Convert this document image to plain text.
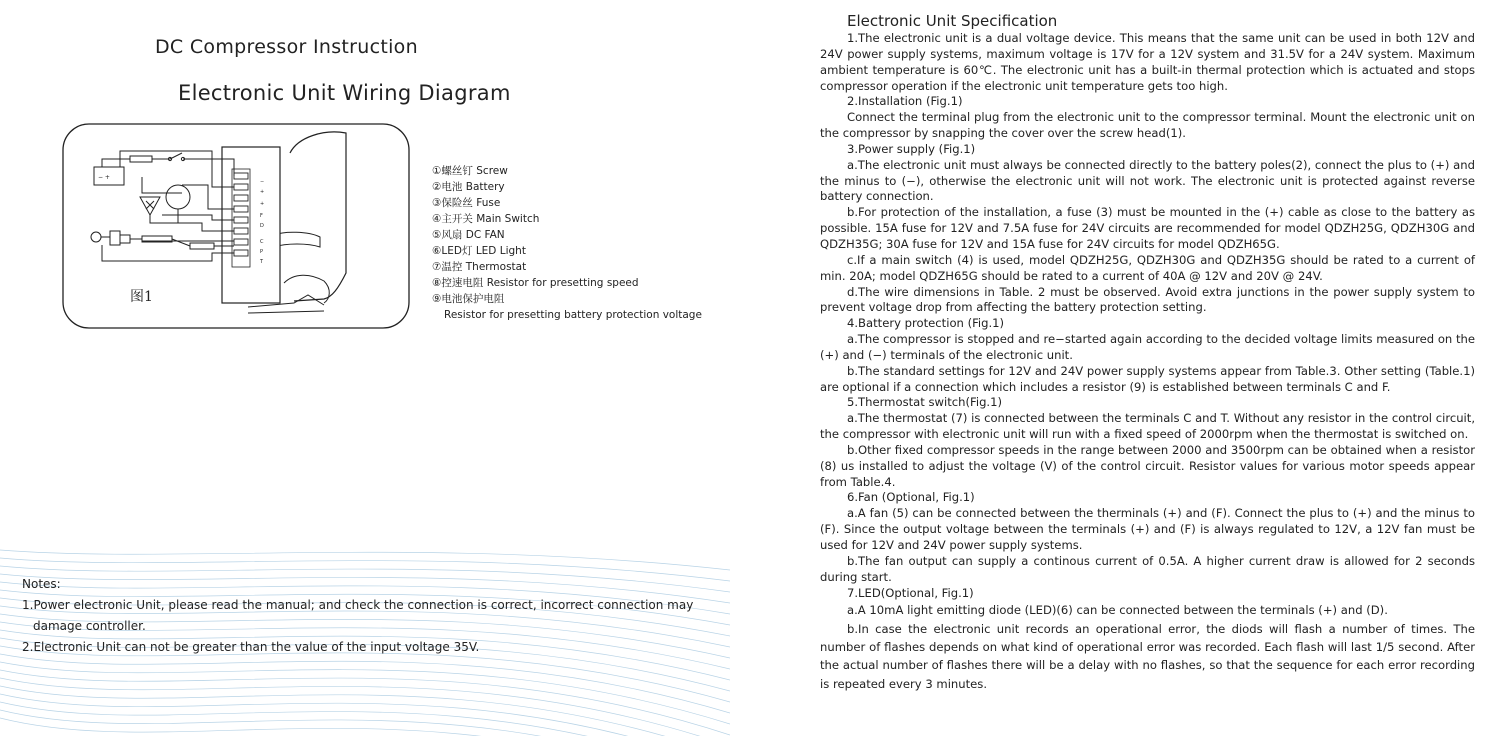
DC Compressor Instruction
Electronic Unit Wiring Diagram
−
+
+
F
D
C
P
T
− +
图1
①螺丝钉 Screw
②电池 Battery
③保险丝 Fuse
④主开关 Main Switch
⑤风扇 DC FAN
⑥LED灯 LED Light
⑦温控 Thermostat
⑧控速电阻 Resistor for presetting speed
⑨电池保护电阻
Resistor for presetting battery protection voltage
Notes:
1.Power electronic Unit, please read the manual; and check the connection is correct, incorrect connection may
damage controller.
2.Electronic Unit can not be greater than the value of the input voltage 35V.
Electronic Unit Specification

1.The electronic unit is a dual voltage device. This means that the same unit can be used in both 12V and 24V power supply systems, maximum voltage is 17V for a 12V system and 31.5V for a 24V system. Maximum ambient temperature is 60℃. The electronic unit has a built-in thermal protection which is actuated and stops compressor operation if the electronic unit temperature gets too high.

2.Installation (Fig.1)

Connect the terminal plug from the electronic unit to the compressor terminal. Mount the electronic unit on the compressor by snapping the cover over the screw head(1).

3.Power supply (Fig.1)

a.The electronic unit must always be connected directly to the battery poles(2), connect the plus to (+) and the minus to (−), otherwise the electronic unit will not work. The electronic unit is protected against reverse battery connection.

b.For protection of the installation, a fuse (3) must be mounted in the (+) cable as close to the battery as possible. 15A fuse for 12V and 7.5A fuse for 24V circuits are recommended for model QDZH25G, QDZH30G and QDZH35G; 30A fuse for 12V and 15A fuse for 24V circuits for model QDZH65G.

c.If a main switch (4) is used, model QDZH25G, QDZH30G and QDZH35G should be rated to a current of min. 20A; model QDZH65G should be rated to a current of 40A @ 12V and 20V @ 24V.

d.The wire dimensions in Table. 2 must be observed. Avoid extra junctions in the power supply system to prevent voltage drop from affecting the battery protection setting.

4.Battery protection (Fig.1)

a.The compressor is stopped and re−started again according to the decided voltage limits measured on the (+) and (−) terminals of the electronic unit.

b.The standard settings for 12V and 24V power supply systems appear from Table.3. Other setting (Table.1) are optional if a connection which includes a resistor (9) is established between terminals C and F.

5.Thermostat switch(Fig.1)

a.The thermostat (7) is connected between the terminals C and T. Without any resistor in the control circuit, the compressor with electronic unit will run with a fixed speed of 2000rpm when the thermostat is switched on.

b.Other fixed compressor speeds in the range between 2000 and 3500rpm can be obtained when a resistor (8) us installed to adjust the voltage (V) of the control circuit. Resistor values for various motor speeds appear from Table.4.

6.Fan (Optional, Fig.1)

a.A fan (5) can be connected between the therminals (+) and (F). Connect the plus to (+) and the minus to (F). Since the output voltage between the terminals (+) and (F) is always regulated to 12V, a 12V fan must be used for 12V and 24V power supply systems.

b.The fan output can supply a continous current of 0.5A. A higher current draw is allowed for 2 seconds during start.

7.LED(Optional, Fig.1)

a.A 10mA light emitting diode (LED)(6) can be connected between the terminals (+) and (D).

b.In case the electronic unit records an operational error, the diods will flash a number of times. The number of flashes depends on what kind of operational error was recorded. Each flash will last 1/5 second. After the actual number of flashes there will be a delay with no flashes, so that the sequence for each error recording is repeated every 3 minutes.
